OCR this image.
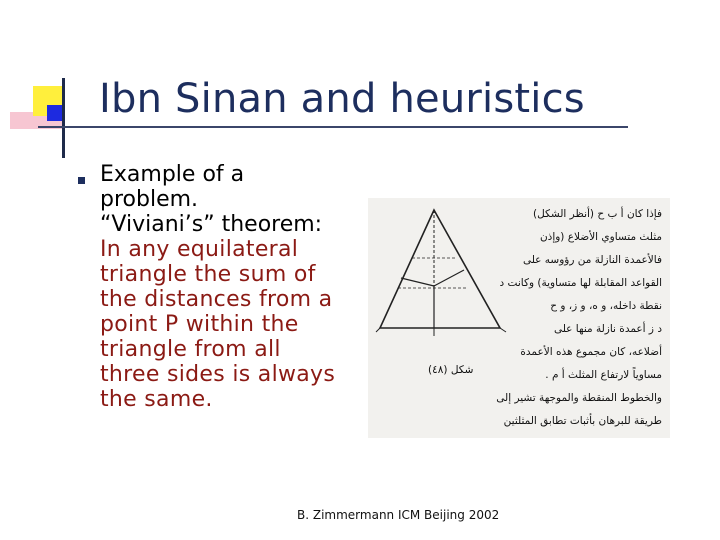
Ibn Sinan and heuristics
Example of a
problem.
“Viviani’s” theorem:
In any equilateral
triangle the sum of
the distances from a
point P within the
triangle from all
three sides is always
the same.
شكل (٤٨)
فإذا كان أ ب ح (أنظر الشكل)
مثلث متساوي الأضلاع (وإذن
فالأعمدة النازلة من رؤوسه على
القواعد المقابلة لها متساوية) وكانت د
نقطة داخله، و ه، و ز، و ح
د ز أعمدة نازلة منها على
أضلاعه، كان مجموع هذه الأعمدة
مساوياً لارتفاع المثلث أ م .
والخطوط المنقطة والموجهة تشير إلى
طريقة للبرهان بأثبات تطابق المثلثين
B. Zimmermann ICM Beijing 2002
